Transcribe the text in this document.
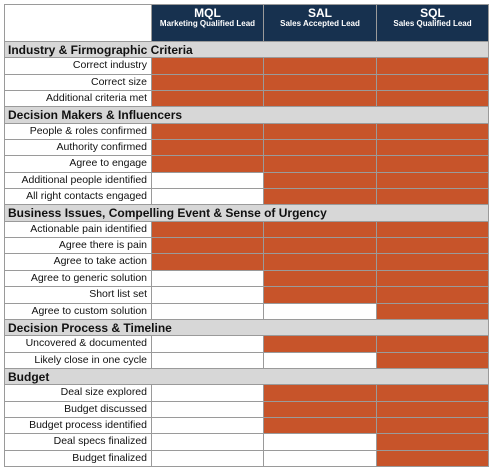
MQL
Marketing Qualified Lead
SAL
Sales Accepted Lead
SQL
Sales Qualified Lead
Industry & Firmographic Criteria
Correct industry
Correct size
Additional criteria met
Decision Makers & Influencers
People & roles confirmed
Authority confirmed
Agree to engage
Additional people identified
All right contacts engaged
Business Issues, Compelling Event & Sense of Urgency
Actionable pain identified
Agree there is pain
Agree to take action
Agree to generic solution
Short list set
Agree to custom solution
Decision Process & Timeline
Uncovered & documented
Likely close in one cycle
Budget
Deal size explored
Budget discussed
Budget process identified
Deal specs finalized
Budget finalized
